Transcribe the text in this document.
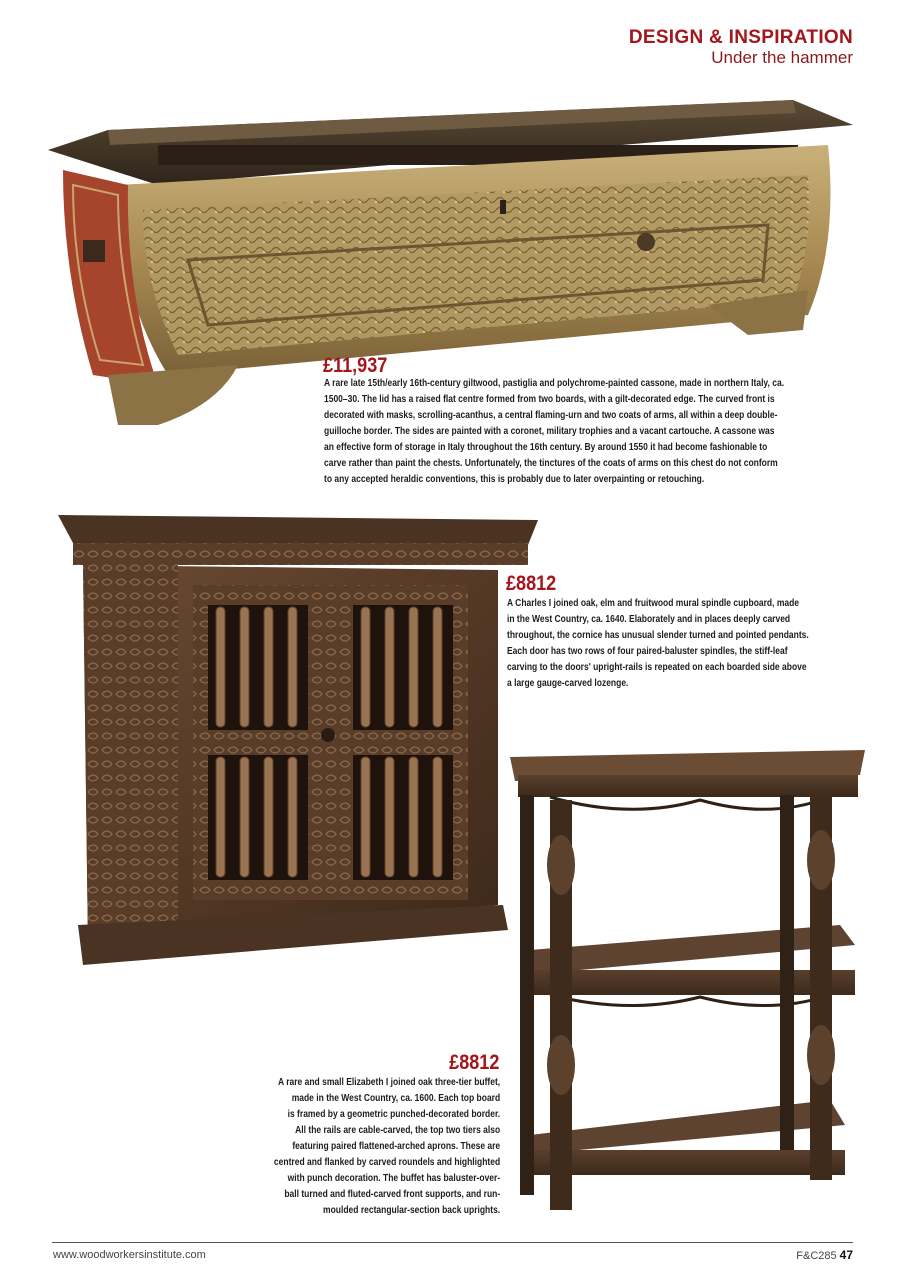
DESIGN & INSPIRATION
Under the hammer
£11,937
A rare late 15th/early 16th-century giltwood, pastiglia and polychrome-painted cassone, made in northern Italy, ca.
1500–30. The lid has a raised flat centre formed from two boards, with a gilt-decorated edge. The curved front is
decorated with masks, scrolling-acanthus, a central flaming-urn and two coats of arms, all within a deep double-
guilloche border. The sides are painted with a coronet, military trophies and a vacant cartouche. A cassone was
an effective form of storage in Italy throughout the 16th century. By around 1550 it had become fashionable to
carve rather than paint the chests. Unfortunately, the tinctures of the coats of arms on this chest do not conform
to any accepted heraldic conventions, this is probably due to later overpainting or retouching.
£8812
A Charles I joined oak, elm and fruitwood mural spindle cupboard, made
in the West Country, ca. 1640. Elaborately and in places deeply carved
throughout, the cornice has unusual slender turned and pointed pendants.
Each door has two rows of four paired-baluster spindles, the stiff-leaf
carving to the doors' upright-rails is repeated on each boarded side above
a large gauge-carved lozenge.
£8812
A rare and small Elizabeth I joined oak three-tier buffet,
made in the West Country, ca. 1600. Each top board
is framed by a geometric punched-decorated border.
All the rails are cable-carved, the top two tiers also
featuring paired flattened-arched aprons. These are
centred and flanked by carved roundels and highlighted
with punch decoration. The buffet has baluster-over-
ball turned and fluted-carved front supports, and run-
moulded rectangular-section back uprights.
www.woodworkersinstitute.com	F&C285 47
